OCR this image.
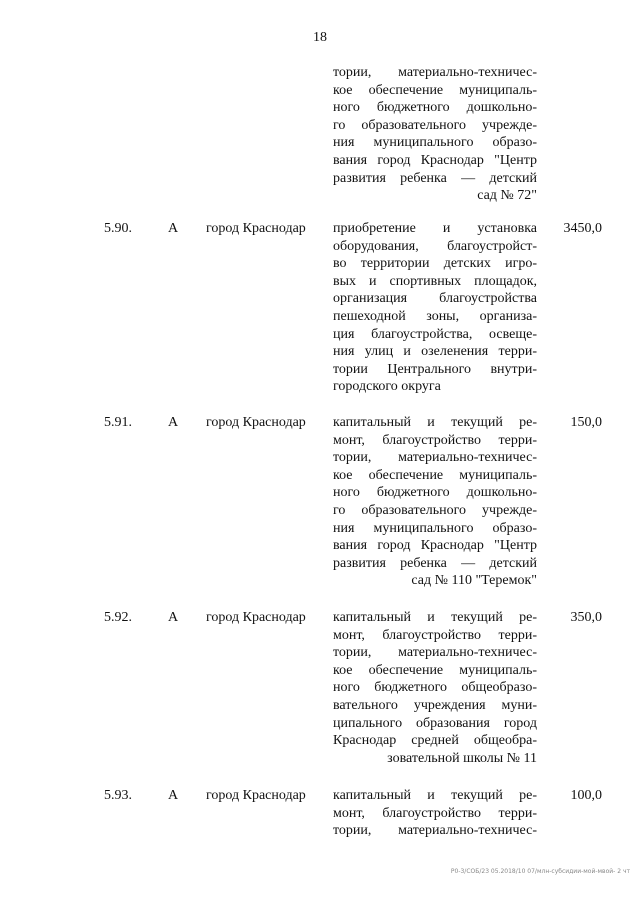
18
тории, материально-техничес-
кое обеспечение муниципаль-
ного бюджетного дошкольно-
го образовательного учрежде-
ния муниципального образо-
вания город Краснодар "Центр
развития ребенка — детский
сад № 72"
5.90.	А город Краснодар приобретение и установка
оборудования, благоустройст-
во территории детских игро-
вых и спортивных площадок,
организация благоустройства
пешеходной зоны, организа-
ция благоустройства, освеще-
ния улиц и озеленения терри-
тории Центрального внутри-
городского округа
3450,0
5.91.	А город Краснодар капитальный и текущий ре-
монт, благоустройство терри-
тории, материально-техничес-
кое обеспечение муниципаль-
ного бюджетного дошкольно-
го образовательного учрежде-
ния муниципального образо-
вания город Краснодар "Центр
развития ребенка — детский
сад № 110 "Теремок"
150,0
5.92.	А город Краснодар капитальный и текущий ре-
монт, благоустройство терри-
тории, материально-техничес-
кое обеспечение муниципаль-
ного бюджетного общеобразо-
вательного учреждения муни-
ципального образования город
Краснодар средней общеобра-
зовательной школы № 11
350,0
5.93.	А город Краснодар капитальный и текущий ре-
монт, благоустройство терри-
тории, материально-техничес-
100,0
Р0-3/СОБ/23 05.2018/10 07/млн-субсидии-мой-мвой- 2 чт
